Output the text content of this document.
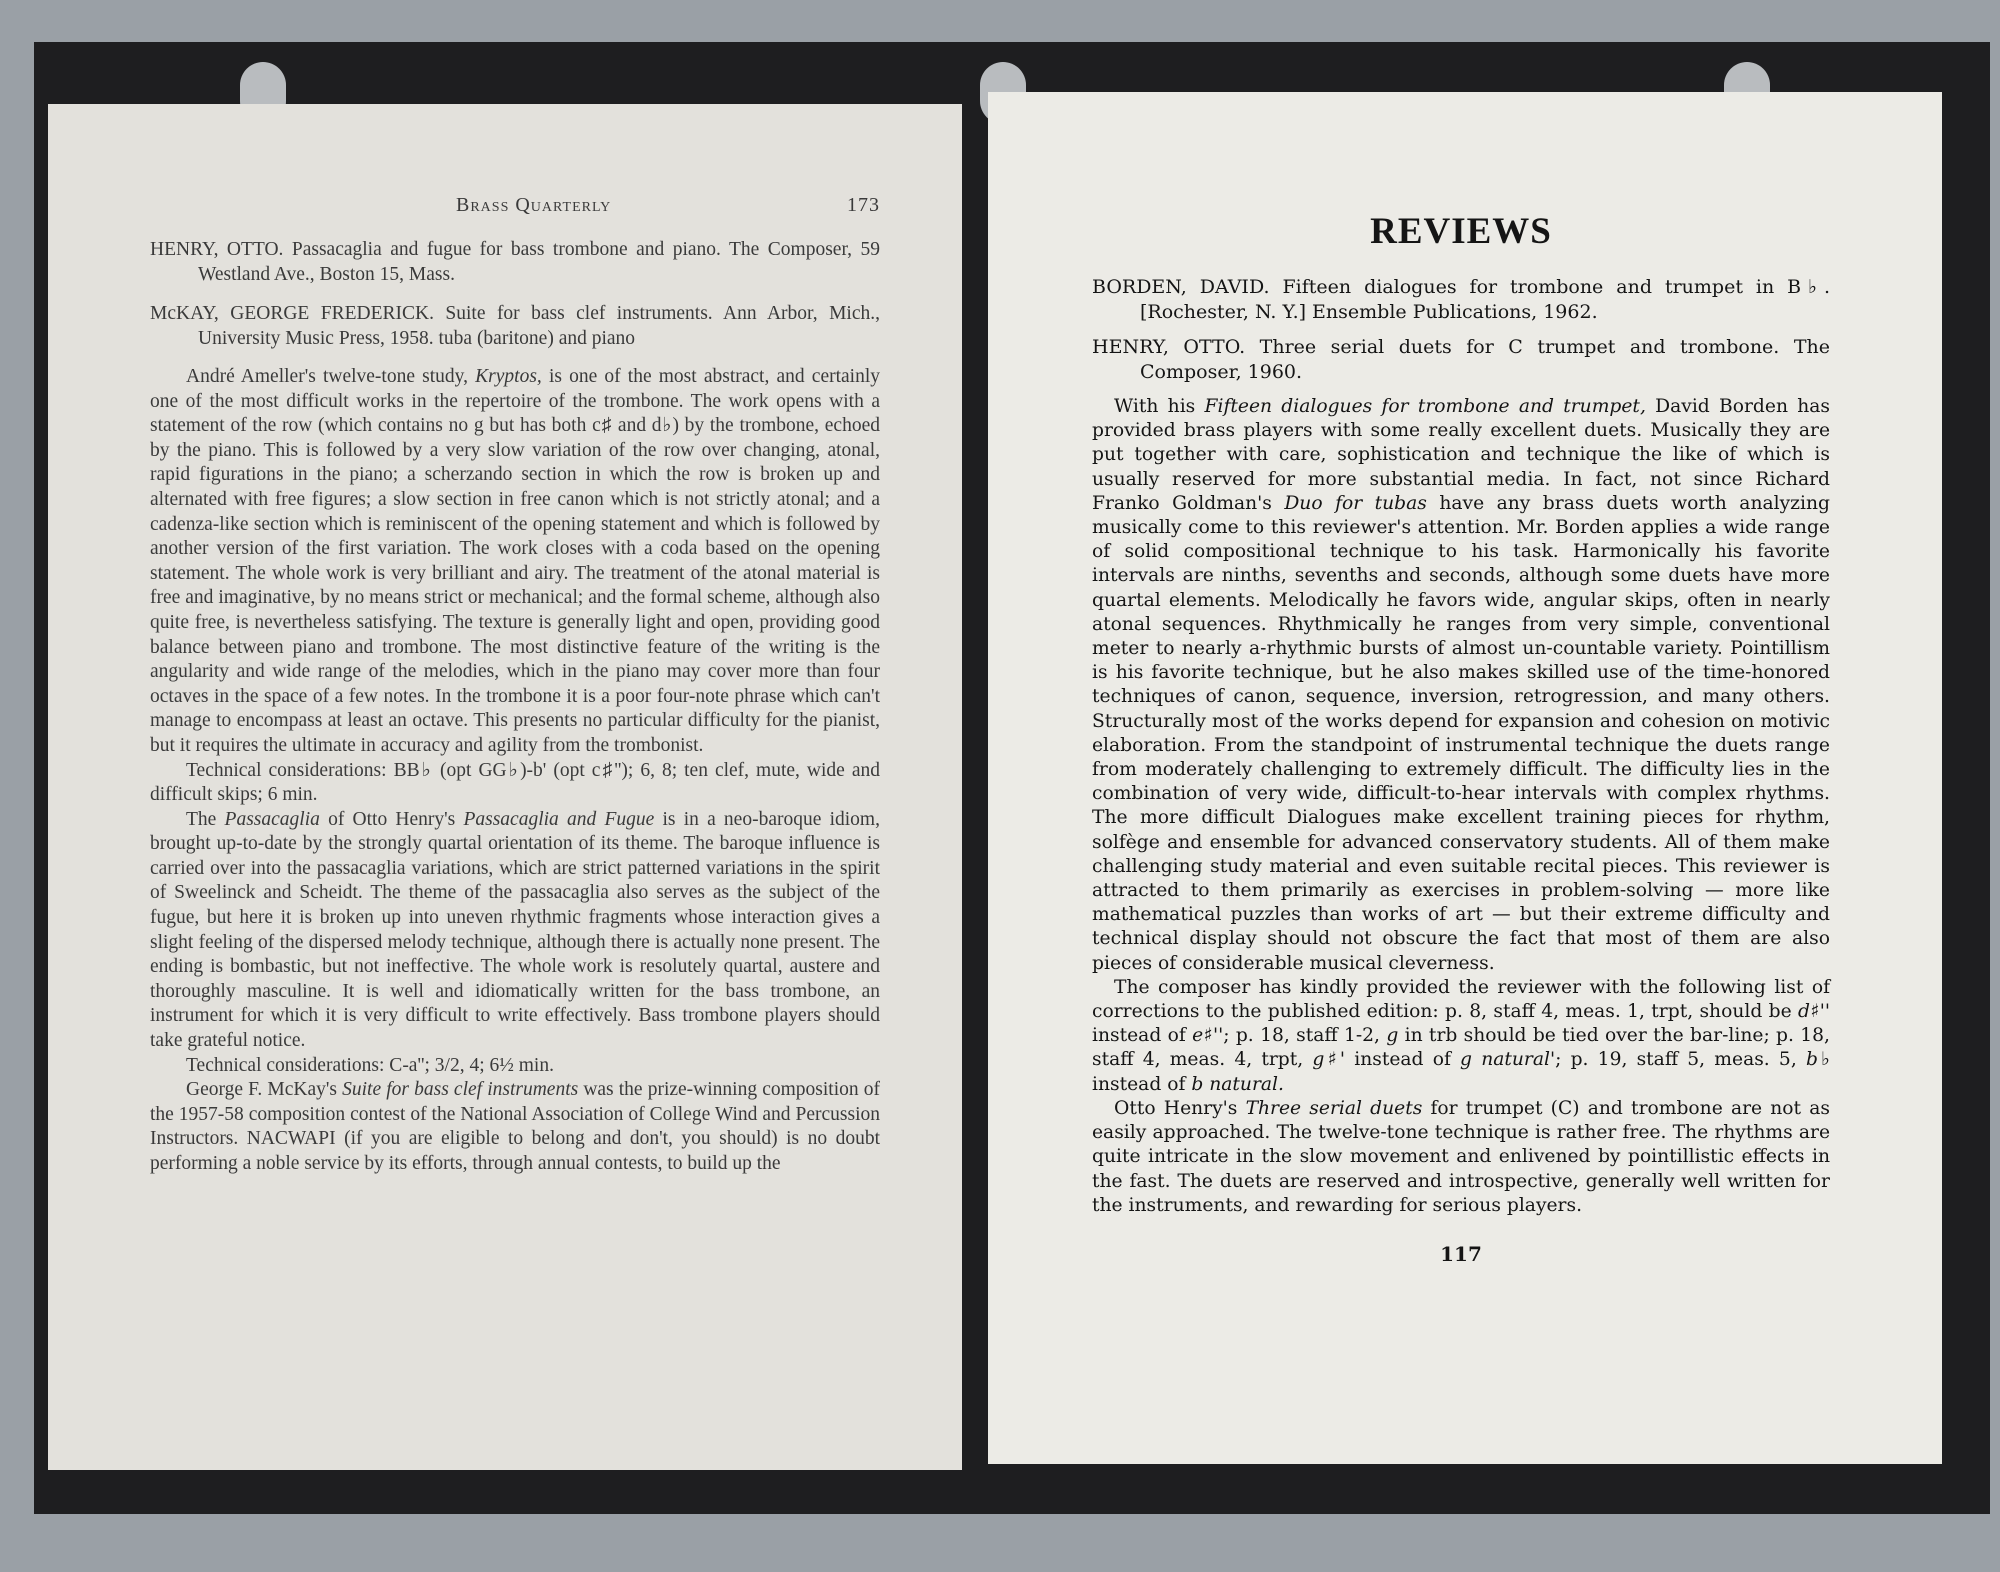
Brass Quarterly	173

HENRY, OTTO. Passacaglia and fugue for bass trombone and piano. The Composer, 59 Westland Ave., Boston 15, Mass.

McKAY, GEORGE FREDERICK. Suite for bass clef instruments. Ann Arbor, Mich., University Music Press, 1958. tuba (baritone) and piano

André Ameller's twelve-tone study, Kryptos, is one of the most abstract, and certainly one of the most difficult works in the repertoire of the trombone. The work opens with a statement of the row (which contains no g but has both c♯ and d♭) by the trombone, echoed by the piano. This is followed by a very slow variation of the row over changing, atonal, rapid figurations in the piano; a scherzando section in which the row is broken up and alternated with free figures; a slow section in free canon which is not strictly atonal; and a cadenza-like section which is reminiscent of the opening statement and which is followed by another version of the first variation. The work closes with a coda based on the opening statement. The whole work is very brilliant and airy. The treatment of the atonal material is free and imaginative, by no means strict or mechanical; and the formal scheme, although also quite free, is nevertheless satisfying. The texture is generally light and open, providing good balance between piano and trombone. The most distinctive feature of the writing is the angularity and wide range of the melodies, which in the piano may cover more than four octaves in the space of a few notes. In the trombone it is a poor four-note phrase which can't manage to encompass at least an octave. This presents no particular difficulty for the pianist, but it requires the ultimate in accuracy and agility from the trombonist.

Technical considerations: BB♭ (opt GG♭)-b' (opt c♯''); 6, 8; ten clef, mute, wide and difficult skips; 6 min.

The Passacaglia of Otto Henry's Passacaglia and Fugue is in a neo-baroque idiom, brought up-to-date by the strongly quartal orientation of its theme. The baroque influence is carried over into the passacaglia variations, which are strict patterned variations in the spirit of Sweelinck and Scheidt. The theme of the passacaglia also serves as the subject of the fugue, but here it is broken up into uneven rhythmic fragments whose interaction gives a slight feeling of the dispersed melody technique, although there is actually none present. The ending is bombastic, but not ineffective. The whole work is resolutely quartal, austere and thoroughly masculine. It is well and idiomatically written for the bass trombone, an instrument for which it is very difficult to write effectively. Bass trombone players should take grateful notice.

Technical considerations: C-a''; 3/2, 4; 6½ min.

George F. McKay's Suite for bass clef instruments was the prize-winning composition of the 1957-58 composition contest of the National Association of College Wind and Percussion Instructors. NACWAPI (if you are eligible to belong and don't, you should) is no doubt performing a noble service by its efforts, through annual contests, to build up the

REVIEWS

BORDEN, DAVID. Fifteen dialogues for trombone and trumpet in B♭. [Rochester, N. Y.] Ensemble Publications, 1962.

HENRY, OTTO. Three serial duets for C trumpet and trombone. The Composer, 1960.

With his Fifteen dialogues for trombone and trumpet, David Borden has provided brass players with some really excellent duets. Musically they are put together with care, sophistication and technique the like of which is usually reserved for more substantial media. In fact, not since Richard Franko Goldman's Duo for tubas have any brass duets worth analyzing musically come to this reviewer's attention. Mr. Borden applies a wide range of solid compositional technique to his task. Harmonically his favorite intervals are ninths, sevenths and seconds, although some duets have more quartal elements. Melodically he favors wide, angular skips, often in nearly atonal sequences. Rhythmically he ranges from very simple, conventional meter to nearly a-rhythmic bursts of almost un-countable variety. Pointillism is his favorite technique, but he also makes skilled use of the time-honored techniques of canon, sequence, inversion, retrogression, and many others. Structurally most of the works depend for expansion and cohesion on motivic elaboration. From the standpoint of instrumental technique the duets range from moderately challenging to extremely difficult. The difficulty lies in the combination of very wide, difficult-to-hear intervals with complex rhythms. The more difficult Dialogues make excellent training pieces for rhythm, solfège and ensemble for advanced conservatory students. All of them make challenging study material and even suitable recital pieces. This reviewer is attracted to them primarily as exercises in problem-solving — more like mathematical puzzles than works of art — but their extreme difficulty and technical display should not obscure the fact that most of them are also pieces of considerable musical cleverness.

The composer has kindly provided the reviewer with the following list of corrections to the published edition: p. 8, staff 4, meas. 1, trpt, should be d♯'' instead of e♯''; p. 18, staff 1-2, g in trb should be tied over the bar-line; p. 18, staff 4, meas. 4, trpt, g♯' instead of g natural'; p. 19, staff 5, meas. 5, b♭ instead of b natural.

Otto Henry's Three serial duets for trumpet (C) and trombone are not as easily approached. The twelve-tone technique is rather free. The rhythms are quite intricate in the slow movement and enlivened by pointillistic effects in the fast. The duets are reserved and introspective, generally well written for the instruments, and rewarding for serious players.

117
